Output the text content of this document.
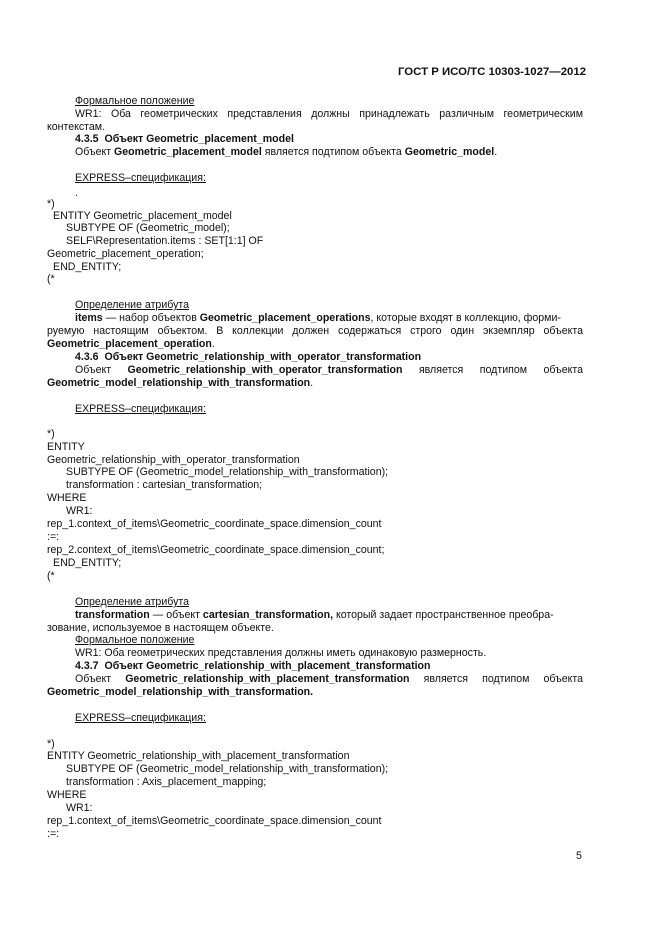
ГОСТ Р ИСО/ТС 10303-1027—2012
Формальное положение
WR1: Оба геометрических представления должны принадлежать различным геометрическим
контекстам.
4.3.5 Объект Geometric_placement_model
Объект Geometric_placement_model является подтипом объекта Geometric_model.
EXPRESS–спецификация:
.
*)
ENTITY Geometric_placement_model
SUBTYPE OF (Geometric_model);
SELF\Representation.items : SET[1:1] OF
Geometric_placement_operation;
END_ENTITY;
(*
Определение атрибута
items — набор объектов Geometric_placement_operations, которые входят в коллекцию, форми-
руемую настоящим объектом. В коллекции должен содержаться строго один экземпляр объекта
Geometric_placement_operation.
4.3.6 Объект Geometric_relationship_with_operator_transformation
Объект Geometric_relationship_with_operator_transformation является подтипом объекта
Geometric_model_relationship_with_transformation.
EXPRESS–спецификация:
*)
ENTITY
Geometric_relationship_with_operator_transformation
SUBTYPE OF (Geometric_model_relationship_with_transformation);
transformation : cartesian_transformation;
WHERE
WR1:
rep_1.context_of_items\Geometric_coordinate_space.dimension_count
:=:
rep_2.context_of_items\Geometric_coordinate_space.dimension_count;
END_ENTITY;
(*
Определение атрибута
transformation — объект cartesian_transformation, который задает пространственное преобра-
зование, используемое в настоящем объекте.
Формальное положение
WR1: Оба геометрических представления должны иметь одинаковую размерность.
4.3.7 Объект Geometric_relationship_with_placement_transformation
Объект Geometric_relationship_with_placement_transformation является подтипом объекта
Geometric_model_relationship_with_transformation.
EXPRESS–спецификация:
*)
ENTITY Geometric_relationship_with_placement_transformation
SUBTYPE OF (Geometric_model_relationship_with_transformation);
transformation : Axis_placement_mapping;
WHERE
WR1:
rep_1.context_of_items\Geometric_coordinate_space.dimension_count
:=:
5
